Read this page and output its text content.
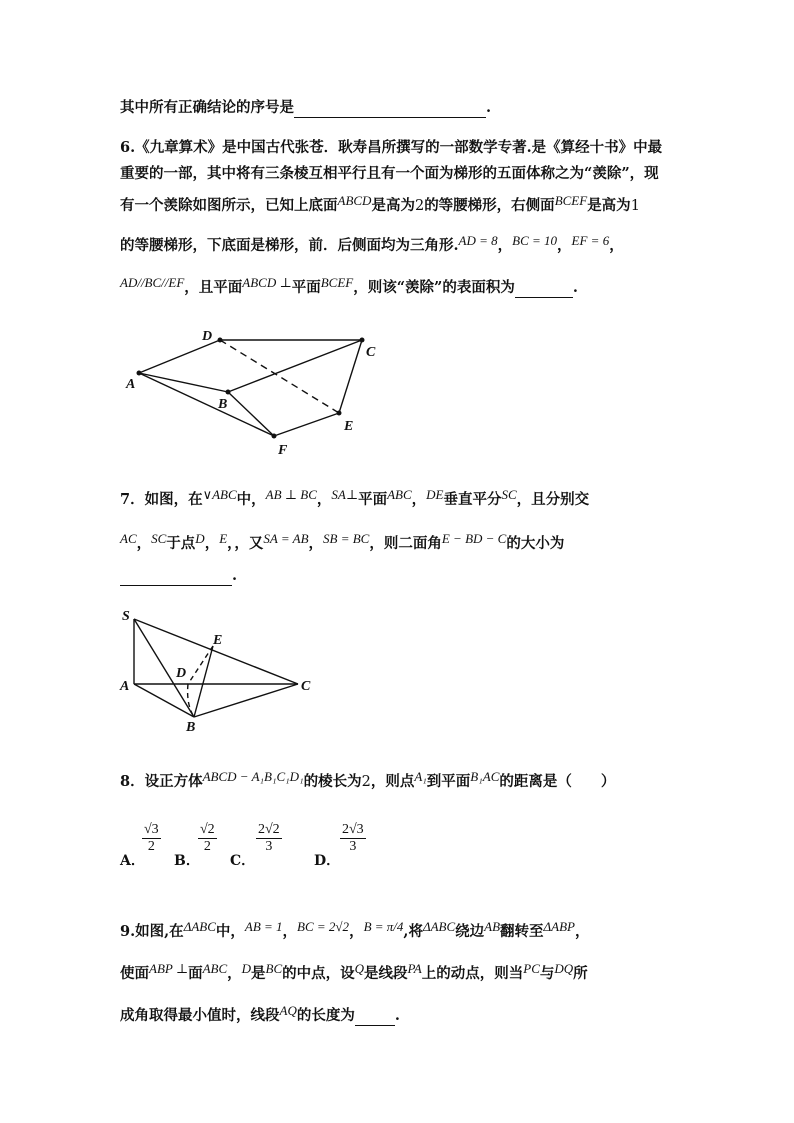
其中所有正确结论的序号是	.
6.《九章算术》是中国古代张苍．耿寿昌所撰写的一部数学专著.是《算经十书》中最
重要的一部，其中将有三条棱互相平行且有一个面为梯形的五面体称之为“羡除”，现
有一个羡除如图所示，已知上底面ABCD是高为2的等腰梯形，右侧面BCEF是高为1
的等腰梯形，下底面是梯形，前．后侧面均为三角形.AD = 8，BC = 10，EF = 6，
AD//BC//EF，且平面ABCD ⊥平面BCEF，则该“羡除”的表面积为	.
D
C
A
B
E
F
7．如图，在∨ABC中，AB ⊥ BC，SA⊥平面ABC，DE垂直平分SC，且分别交
AC，SC于点D，E，，又SA = AB，SB = BC，则二面角E − BD − C的大小为
.
S
E
D
A	C
B
8．设正方体ABCD − A₁B₁C₁D₁的棱长为2，则点A₁到平面B₁AC的距离是（　　）
A．
$\frac{√3}{2}$
B．
$\frac{√2}{2}$
C．
$\frac{2√2}{3}$
D．
$\frac{2√3}{3}$
9.如图,在ΔABC中，AB = 1，BC = 2√2，B = π/4,将ΔABC绕边AB翻转至ΔABP，
使面ABP ⊥面ABC，D是BC的中点，设Q是线段PA上的动点，则当PC与DQ所
成角取得最小值时，线段AQ的长度为	.
